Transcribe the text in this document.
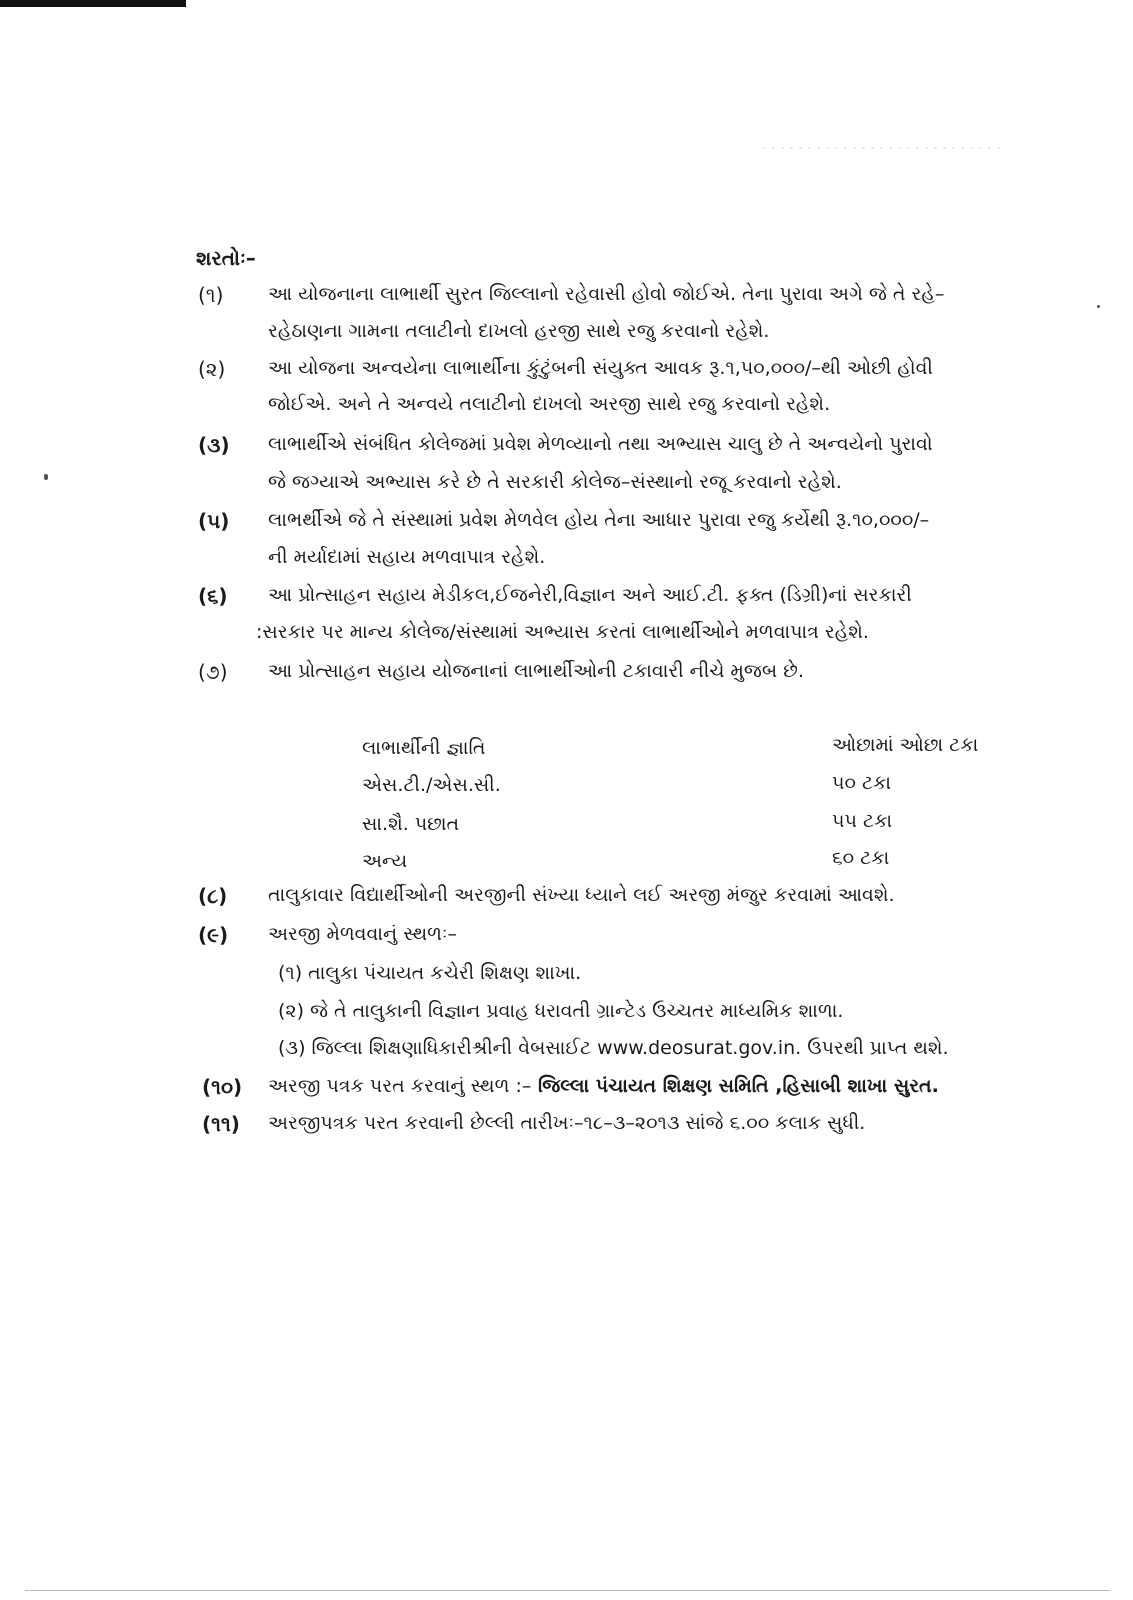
શરતોઃ–
(૧) આ યોજનાના લાભાર્થી સુરત જિલ્લાનો રહેવાસી હોવો જોઈએ. તેના પુરાવા અગે જે તે રહે–
રહેઠાણના ગામના તલાટીનો દાખલો હરજી સાથે રજુ કરવાનો રહેશે.
(૨) આ યોજના અન્વયેના લાભાર્થીના કુંટુંબની સંયુક્ત આવક રૂ.૧,૫૦,૦૦૦/–થી ઓછી હોવી
જોઈએ. અને તે અન્વયે તલાટીનો દાખલો અરજી સાથે રજુ કરવાનો રહેશે.
(૩) લાભાર્થીએ સંબંધિત કોલેજમાં પ્રવેશ મેળવ્યાનો તથા અભ્યાસ ચાલુ છે તે અન્વયેનો પુરાવો
જે જગ્યાએ અભ્યાસ કરે છે તે સરકારી કોલેજ–સંસ્થાનો રજૂ કરવાનો રહેશે.
(૫) લાભર્થીએ જે તે સંસ્થામાં પ્રવેશ મેળવેલ હોય તેના આધાર પુરાવા રજુ કર્યેથી રૂ.૧૦,૦૦૦/–
ની મર્યાદામાં સહાય મળવાપાત્ર રહેશે.
(૬) આ પ્રોત્સાહન સહાય મેડીકલ,ઈજનેરી,વિજ્ઞાન અને આઈ.ટી. ફક્ત (ડિગ્રી)નાં સરકારી
:સરકાર પર માન્ય કોલેજ/સંસ્થામાં અભ્યાસ કરતાં લાભાર્થીઓને મળવાપાત્ર રહેશે.
(૭) આ પ્રોત્સાહન સહાય યોજનાનાં લાભાર્થીઓની ટકાવારી નીચે મુજબ છે.
લાભાર્થીની જ્ઞાતિ	ઓછામાં ઓછા ટકા
એસ.ટી./એસ.સી.	૫૦ ટકા
સા.શૈ. પછાત	૫૫ ટકા
અન્ય	૬૦ ટકા
(૮) તાલુકાવાર વિદ્યાર્થીઓની અરજીની સંખ્યા ધ્યાને લઈ અરજી મંજુર કરવામાં આવશે.
(૯) અરજી મેળવવાનું સ્થળઃ–
(૧) તાલુકા પંચાયત કચેરી શિક્ષણ શાખા.
(૨) જે તે તાલુકાની વિજ્ઞાન પ્રવાહ ધરાવતી ગ્રાન્ટેડ ઉચ્ચતર માધ્યમિક શાળા.
(૩) જિલ્લા શિક્ષણાધિકારીશ્રીની વેબસાઈટ www.deosurat.gov.in. ઉપરથી પ્રાપ્ત થશે.
(૧૦) અરજી પત્રક પરત કરવાનું સ્થળ :– જિલ્લા પંચાયત શિક્ષણ સમિતિ ,હિસાબી શાખા સુરત.
(૧૧) અરજીપત્રક પરત કરવાની છેલ્લી તારીખઃ–૧૮–૩–૨૦૧૩ સાંજે ૬.૦૦ કલાક સુધી.
